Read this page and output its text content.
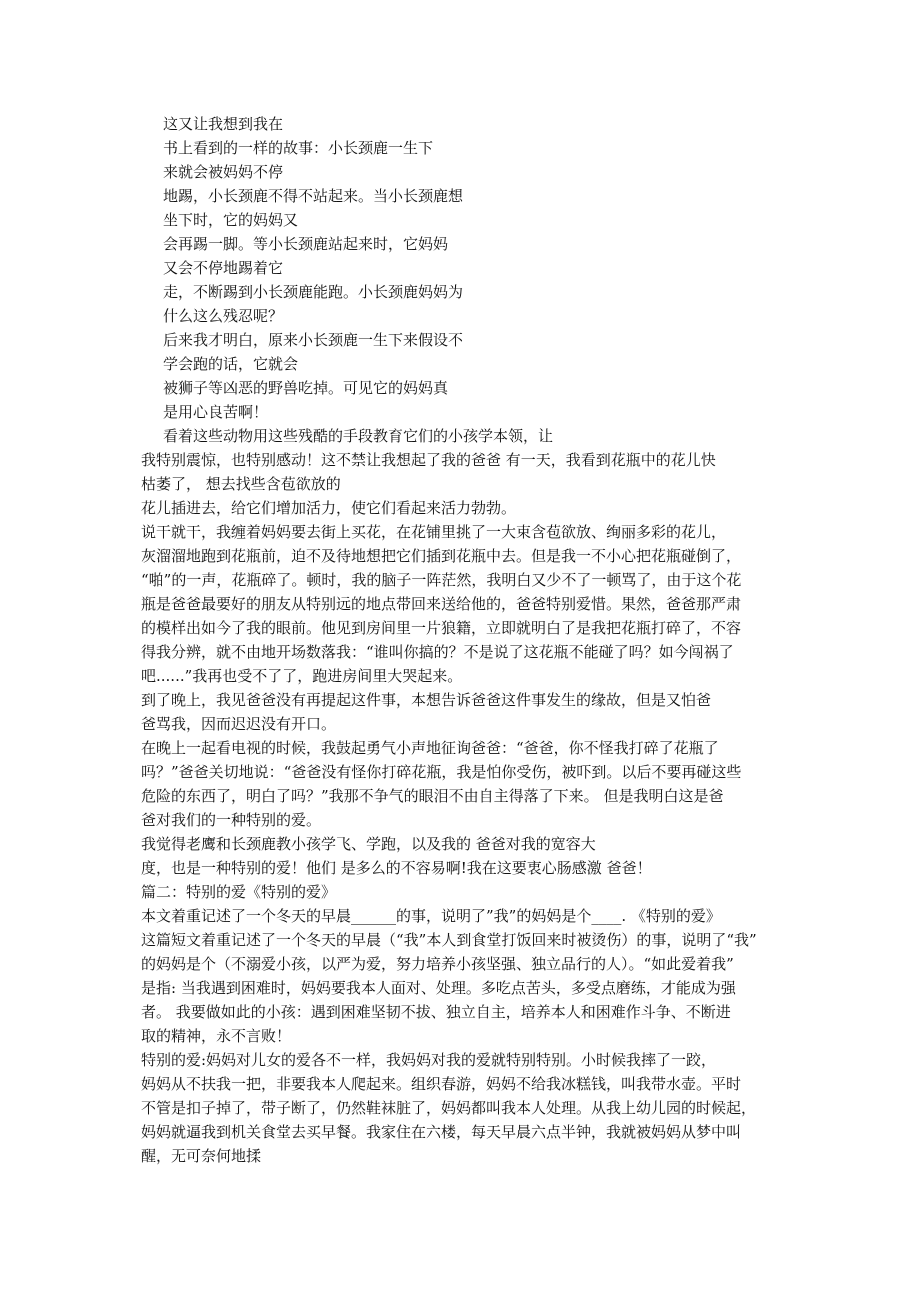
这又让我想到我在
书上看到的一样的故事：小长颈鹿一生下
来就会被妈妈不停
地踢，小长颈鹿不得不站起来。当小长颈鹿想
坐下时，它的妈妈又
会再踢一脚。等小长颈鹿站起来时，它妈妈
又会不停地踢着它
走，不断踢到小长颈鹿能跑。小长颈鹿妈妈为
什么这么残忍呢？
后来我才明白，原来小长颈鹿一生下来假设不
学会跑的话，它就会
被狮子等凶恶的野兽吃掉。可见它的妈妈真
是用心良苦啊！
看着这些动物用这些残酷的手段教育它们的小孩学本领，让
我特别震惊，也特别感动！这不禁让我想起了我的爸爸 有一天，我看到花瓶中的花儿快
枯萎了， 想去找些含苞欲放的
花儿插进去，给它们增加活力，使它们看起来活力勃勃。
说干就干，我缠着妈妈要去街上买花，在花铺里挑了一大束含苞欲放、绚丽多彩的花儿，
灰溜溜地跑到花瓶前，迫不及待地想把它们插到花瓶中去。但是我一不小心把花瓶碰倒了，
“啪”的一声，花瓶碎了。顿时，我的脑子一阵茫然，我明白又少不了一顿骂了，由于这个花
瓶是爸爸最要好的朋友从特别远的地点带回来送给他的，爸爸特别爱惜。果然，爸爸那严肃
的模样出如今了我的眼前。他见到房间里一片狼籍，立即就明白了是我把花瓶打碎了，不容
得我分辨，就不由地开场数落我：“谁叫你搞的？不是说了这花瓶不能碰了吗？如今闯祸了
吧......”我再也受不了了，跑进房间里大哭起来。
到了晚上，我见爸爸没有再提起这件事，本想告诉爸爸这件事发生的缘故，但是又怕爸
爸骂我，因而迟迟没有开口。
在晚上一起看电视的时候，我鼓起勇气小声地征询爸爸：“爸爸，你不怪我打碎了花瓶了
吗？”爸爸关切地说：“爸爸没有怪你打碎花瓶，我是怕你受伤，被吓到。以后不要再碰这些
危险的东西了，明白了吗？”我那不争气的眼泪不由自主得落了下来。 但是我明白这是爸
爸对我们的一种特别的爱。
我觉得老鹰和长颈鹿教小孩学飞、学跑，以及我的 爸爸对我的宽容大
度，也是一种特别的爱！他们 是多么的不容易啊!我在这要衷心肠感激 爸爸！
篇二：特别的爱《特别的爱》
本文着重记述了一个冬天的早晨______的事，说明了”我”的妈妈是个____. 《特别的爱》
这篇短文着重记述了一个冬天的早晨（“我”本人到食堂打饭回来时被烫伤）的事，说明了“我”
的妈妈是个（不溺爱小孩，以严为爱，努力培养小孩坚强、独立品行的人）。“如此爱着我”
是指: 当我遇到困难时，妈妈要我本人面对、处理。多吃点苦头，多受点磨练，才能成为强
者。 我要做如此的小孩：遇到困难坚韧不拔、独立自主，培养本人和困难作斗争、不断进
取的精神，永不言败！
特别的爱:妈妈对儿女的爱各不一样，我妈妈对我的爱就特别特别。小时候我摔了一跤，
妈妈从不扶我一把，非要我本人爬起来。组织春游，妈妈不给我冰糕钱，叫我带水壶。平时
不管是扣子掉了，带子断了，仍然鞋袜脏了，妈妈都叫我本人处理。从我上幼儿园的时候起，
妈妈就逼我到机关食堂去买早餐。我家住在六楼，每天早晨六点半钟，我就被妈妈从梦中叫
醒，无可奈何地揉
